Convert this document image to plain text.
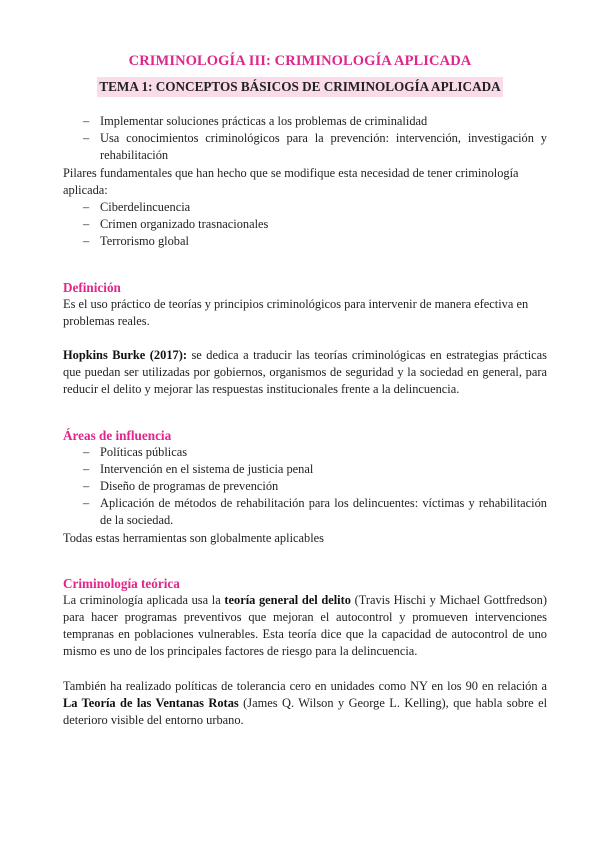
CRIMINOLOGÍA III: CRIMINOLOGÍA APLICADA
TEMA 1: CONCEPTOS BÁSICOS DE CRIMINOLOGÍA APLICADA
– Implementar soluciones prácticas a los problemas de criminalidad
– Usa conocimientos criminológicos para la prevención: intervención, investigación y rehabilitación

Pilares fundamentales que han hecho que se modifique esta necesidad de tener criminología aplicada:

– Ciberdelincuencia
– Crimen organizado trasnacionales
– Terrorismo global
Definición

Es el uso práctico de teorías y principios criminológicos para intervenir de manera efectiva en problemas reales.

Hopkins Burke (2017): se dedica a traducir las teorías criminológicas en estrategias prácticas que puedan ser utilizadas por gobiernos, organismos de seguridad y la sociedad en general, para reducir el delito y mejorar las respuestas institucionales frente a la delincuencia.

Áreas de influencia
– Políticas públicas
– Intervención en el sistema de justicia penal
– Diseño de programas de prevención
– Aplicación de métodos de rehabilitación para los delincuentes: víctimas y rehabilitación de la sociedad.

Todas estas herramientas son globalmente aplicables

Criminología teórica

La criminología aplicada usa la teoría general del delito (Travis Hischi y Michael Gottfredson) para hacer programas preventivos que mejoran el autocontrol y promueven intervenciones tempranas en poblaciones vulnerables. Esta teoría dice que la capacidad de autocontrol de uno mismo es uno de los principales factores de riesgo para la delincuencia.

También ha realizado políticas de tolerancia cero en unidades como NY en los 90 en relación a La Teoría de las Ventanas Rotas (James Q. Wilson y George L. Kelling), que habla sobre el deterioro visible del entorno urbano.
